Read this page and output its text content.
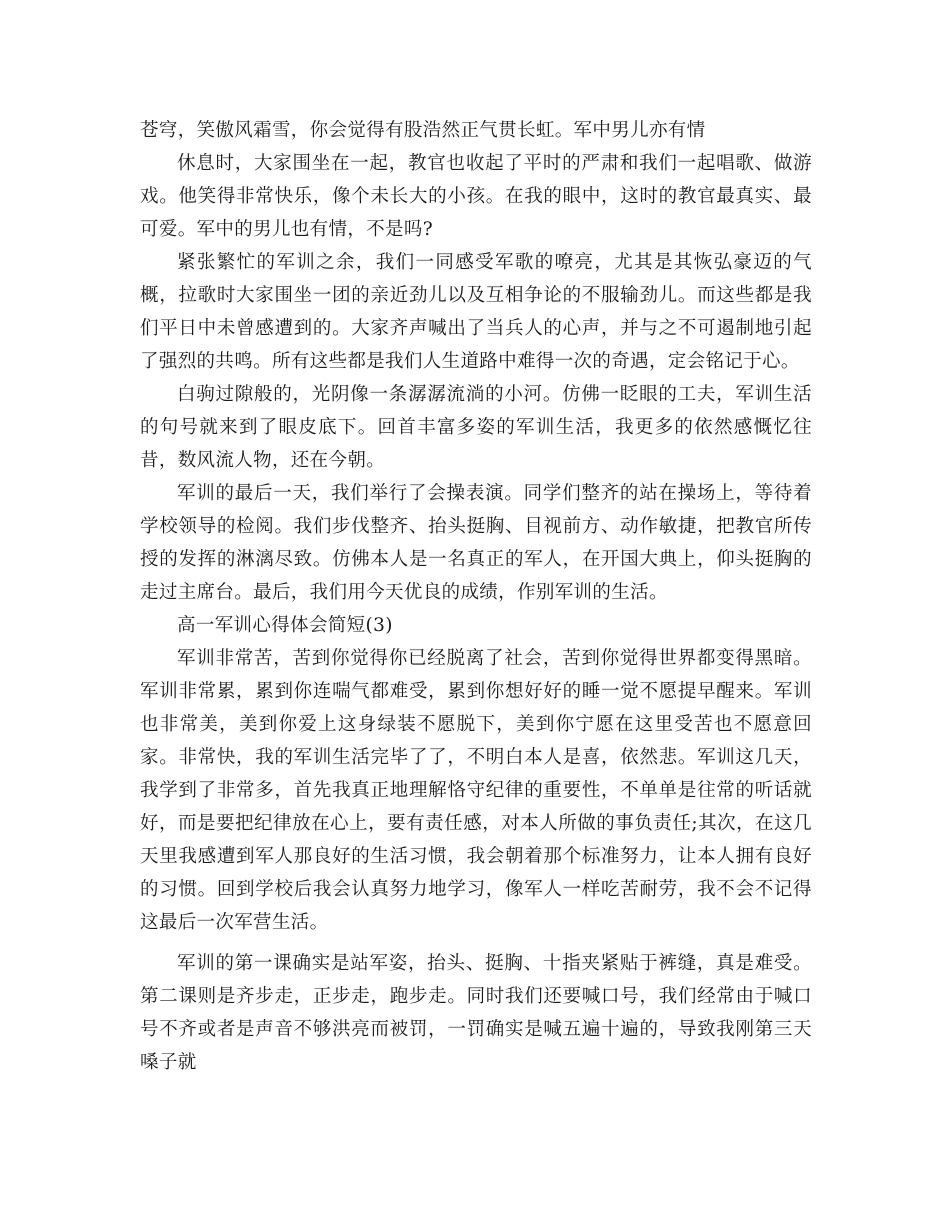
苍穹，笑傲风霜雪，你会觉得有股浩然正气贯长虹。军中男儿亦有情

休息时，大家围坐在一起，教官也收起了平时的严肃和我们一起唱歌、做游戏。他笑得非常快乐，像个未长大的小孩。在我的眼中，这时的教官最真实、最可爱。军中的男儿也有情，不是吗?

紧张繁忙的军训之余，我们一同感受军歌的嘹亮，尤其是其恢弘豪迈的气概，拉歌时大家围坐一团的亲近劲儿以及互相争论的不服输劲儿。而这些都是我们平日中未曾感遭到的。大家齐声喊出了当兵人的心声，并与之不可遏制地引起了强烈的共鸣。所有这些都是我们人生道路中难得一次的奇遇，定会铭记于心。

白驹过隙般的，光阴像一条潺潺流淌的小河。仿佛一眨眼的工夫，军训生活的句号就来到了眼皮底下。回首丰富多姿的军训生活，我更多的依然感慨忆往昔，数风流人物，还在今朝。

军训的最后一天，我们举行了会操表演。同学们整齐的站在操场上，等待着学校领导的检阅。我们步伐整齐、抬头挺胸、目视前方、动作敏捷，把教官所传授的发挥的淋漓尽致。仿佛本人是一名真正的军人，在开国大典上，仰头挺胸的走过主席台。最后，我们用今天优良的成绩，作别军训的生活。

高一军训心得体会简短(3)

军训非常苦，苦到你觉得你已经脱离了社会，苦到你觉得世界都变得黑暗。军训非常累，累到你连喘气都难受，累到你想好好的睡一觉不愿提早醒来。军训也非常美，美到你爱上这身绿装不愿脱下，美到你宁愿在这里受苦也不愿意回家。非常快，我的军训生活完毕了了，不明白本人是喜，依然悲。军训这几天，我学到了非常多，首先我真正地理解恪守纪律的重要性，不单单是往常的听话就好，而是要把纪律放在心上，要有责任感，对本人所做的事负责任;其次，在这几天里我感遭到军人那良好的生活习惯，我会朝着那个标准努力，让本人拥有良好的习惯。回到学校后我会认真努力地学习，像军人一样吃苦耐劳，我不会不记得这最后一次军营生活。

军训的第一课确实是站军姿，抬头、挺胸、十指夹紧贴于裤缝，真是难受。第二课则是齐步走，正步走，跑步走。同时我们还要喊口号，我们经常由于喊口号不齐或者是声音不够洪亮而被罚，一罚确实是喊五遍十遍的，导致我刚第三天嗓子就
